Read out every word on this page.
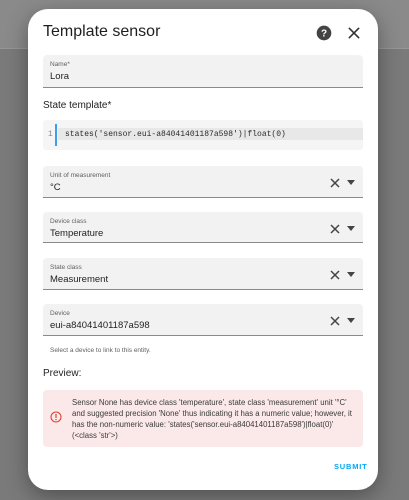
Template sensor	?
Name*
Lora
State template*
1 states('sensor.eui-a84041401187a598')|float(0)
Unit of measurement
°C
Device class
Temperature
State class
Measurement
Device
eui-a84041401187a598
Select a device to link to this entity.
Preview:
Sensor None has device class 'temperature', state class 'measurement' unit '°C' and suggested precision 'None' thus indicating it has a numeric value; however, it has the non-numeric value: 'states('sensor.eui-a84041401187a598')|float(0)' (<class 'str'>)
SUBMIT
